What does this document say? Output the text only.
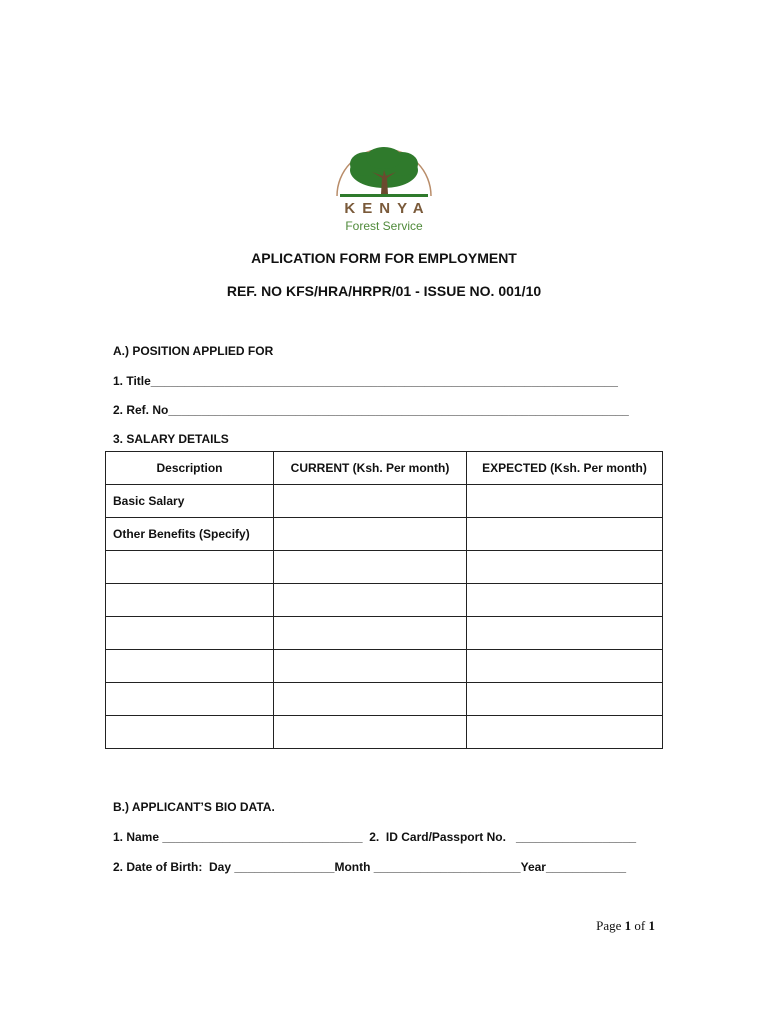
KENYA
Forest Service
APLICATION FORM FOR EMPLOYMENT
REF. NO KFS/HRA/HRPR/01 - ISSUE NO. 001/10
A.) POSITION APPLIED FOR
1. Title______________________________________________________________________
2. Ref. No_____________________________________________________________________
3. SALARY DETAILS
Description	CURRENT (Ksh. Per month)	EXPECTED (Ksh. Per month)
Basic Salary		
Other Benefits (Specify)		

B.) APPLICANT’S BIO DATA.
1. Name ______________________________  2.  ID Card/Passport No.   __________________
2. Date of Birth:  Day _______________Month ______________________Year____________
Page 1 of 1
